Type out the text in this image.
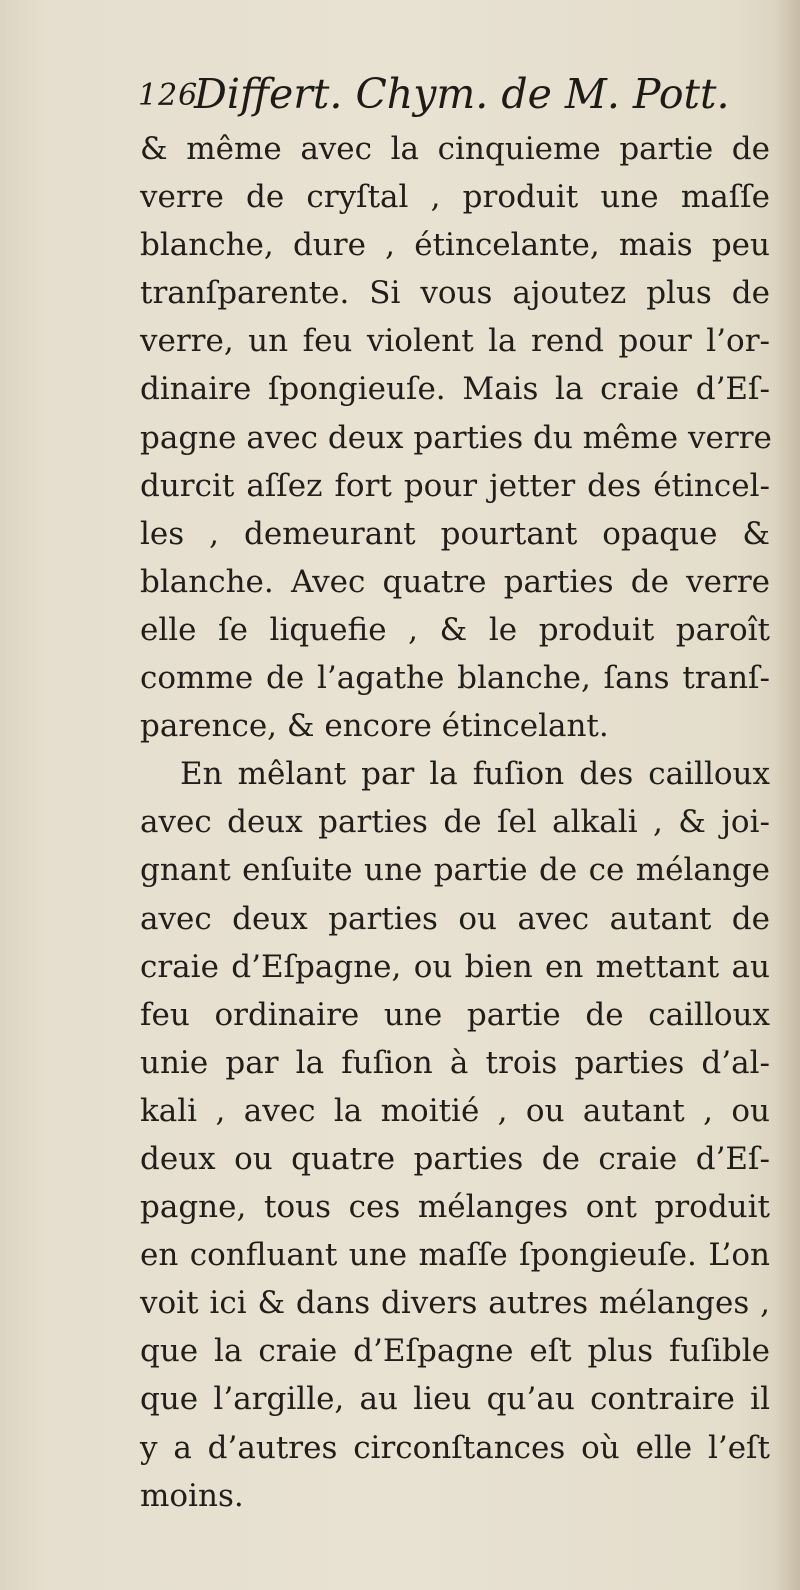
126
Differt. Chym. de M. Pott.
& même avec la cinquieme partie de
verre de cryſtal , produit une maſſe
blanche, dure , étincelante, mais peu
tranſparente. Si vous ajoutez plus de
verre, un feu violent la rend pour l’or-
dinaire ſpongieuſe. Mais la craie d’Eſ-
pagne avec deux parties du même verre
durcit aſſez fort pour jetter des étincel-
les , demeurant pourtant opaque &
blanche. Avec quatre parties de verre
elle ſe liquefie , & le produit paroît
comme de l’agathe blanche, ſans tranſ-
parence, & encore étincelant.
En mêlant par la fuſion des cailloux
avec deux parties de ſel alkali , & joi-
gnant enſuite une partie de ce mélange
avec deux parties ou avec autant de
craie d’Eſpagne, ou bien en mettant au
feu ordinaire une partie de cailloux
unie par la fuſion à trois parties d’al-
kali , avec la moitié , ou autant , ou
deux ou quatre parties de craie d’Eſ-
pagne, tous ces mélanges ont produit
en confluant une maſſe ſpongieuſe. L’on
voit ici & dans divers autres mélanges ,
que la craie d’Eſpagne eſt plus fuſible
que l’argille, au lieu qu’au contraire il
y a d’autres circonſtances où elle l’eſt
moins.
